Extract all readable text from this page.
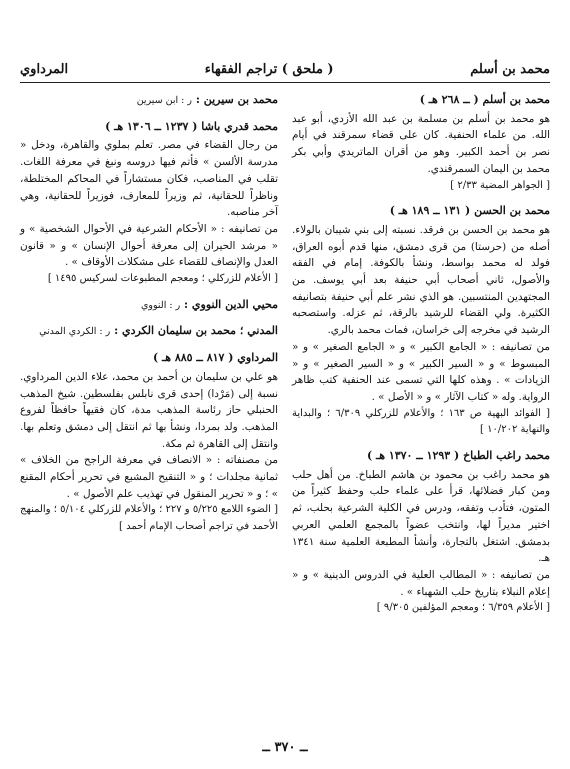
محمد بن أسلم
( ملحق ) تراجم الفقهاء
المرداوي
محمد بن أسلم ( ــ ٢٦٨ هـ )

هو محمد بن أسلم بن مسلمة بن عبد الله الأزدي، أبو عبد الله. من علماء الحنفية. كان على قضاء سمرقند في أيام نصر بن أحمد الكبير. وهو من أقران الماتريدي وأبي بكر محمد بن اليمان السمرقندي.

[ الجواهر المضية ٢/٣٣ ]

محمد بن الحسن ( ١٣١ ــ ١٨٩ هـ )

هو محمد بن الحسن بن فرقد. نسبته إلى بني شيبان بالولاء. أصله من (حرستا) من قرى دمشق، منها قدم أبوه العراق، فولد له محمد بواسط، ونشأ بالكوفة. إمام في الفقه والأصول، ثاني أصحاب أبي حنيفة بعد أبي يوسف. من المجتهدين المنتسبين. هو الذي نشر علم أبي حنيفة بتصانيفه الكثيرة. ولي القضاء للرشيد بالرقة، ثم عزله. واستصحبه الرشيد في مخرجه إلى خراسان، فمات محمد بالري.

من تصانيفه : « الجامع الكبير » و « الجامع الصغير » و « المبسوط » و « السير الكبير » و « السير الصغير » و « الزيادات » . وهذه كلها التي تسمى عند الحنفية كتب ظاهر الرواية. وله « كتاب الآثار » و « الأصل » .

[ الفوائد البهية ص ١٦٣ ؛ والأعلام للزركلي ٦/٣٠٩ ؛ والبداية والنهاية ١٠/٢٠٢ ]

محمد راغب الطباخ ( ١٢٩٣ ــ ١٣٧٠ هـ )

هو محمد راغب بن محمود بن هاشم الطباخ. من أهل حلب ومن كبار فضلائها، قرأ على علماء حلب وحفظ كثيراً من المتون، فتأدب وتفقه، ودرس في الكلية الشرعية بحلب، ثم اختير مديراً لها، وانتخب عضواً بالمجمع العلمي العربي بدمشق. اشتغل بالتجارة، وأنشأ المطبعة العلمية سنة ١٣٤١ هـ.

من تصانيفه : « المطالب العلية في الدروس الدينية » و « إعلام النبلاء بتاريخ حلب الشهباء » .

[ الأعلام ٦/٣٥٩ ؛ ومعجم المؤلفين ٩/٣٠٥ ]

محمد بن سيرين : ر : ابن سيرين
محمد قدري باشا ( ١٢٣٧ ــ ١٣٠٦ هـ )

من رجال القضاء في مصر. تعلم بملوي والقاهرة، ودخل « مدرسة الألسن » فأتم فيها دروسه ونبغ في معرفة اللغات. تقلب في المناصب، فكان مستشاراً في المحاكم المختلطة، وناظراً للحقانية، ثم وزيراً للمعارف، فوزيراً للحقانية، وهي آخر مناصبه.

من تصانيفه : « الأحكام الشرعية في الأحوال الشخصية » و « مرشد الحيران إلى معرفة أحوال الإنسان » و « قانون العدل والإنصاف للقضاء على مشكلات الأوقاف » .

[ الأعلام للزركلي ؛ ومعجم المطبوعات لسركيس ١٤٩٥ ]

محيي الدين النووي : ر : النووي
المدني ؛ محمد بن سليمان الكردي : ر : الكردي المدني
المرداوي ( ٨١٧ ــ ٨٨٥ هـ )

هو علي بن سليمان بن أحمد بن محمد، علاء الدين المرداوي. نسبة إلى (مَرْدا) إحدى قرى نابلس بفلسطين. شيخ المذهب الحنبلي حاز رئاسة المذهب مدة، كان فقيهاً حافظاً لفروع المذهب. ولد بمردا، ونشأ بها ثم انتقل إلى دمشق وتعلم بها. وانتقل إلى القاهرة ثم مكة.

من مصنفاته : « الانصاف في معرفة الراجح من الخلاف » ثمانية مجلدات ؛ و « التنقيح المشبع في تحرير أحكام المقنع » ؛ و « تحرير المنقول في تهذيب علم الأصول » .

[ الضوء اللامع ٥/٢٢٥ و ٢٢٧ ؛ والأعلام للزركلي ٥/١٠٤ ؛ والمنهج الأحمد في تراجم أصحاب الإمام أحمد ]

ــ ٣٧٠ ــ
